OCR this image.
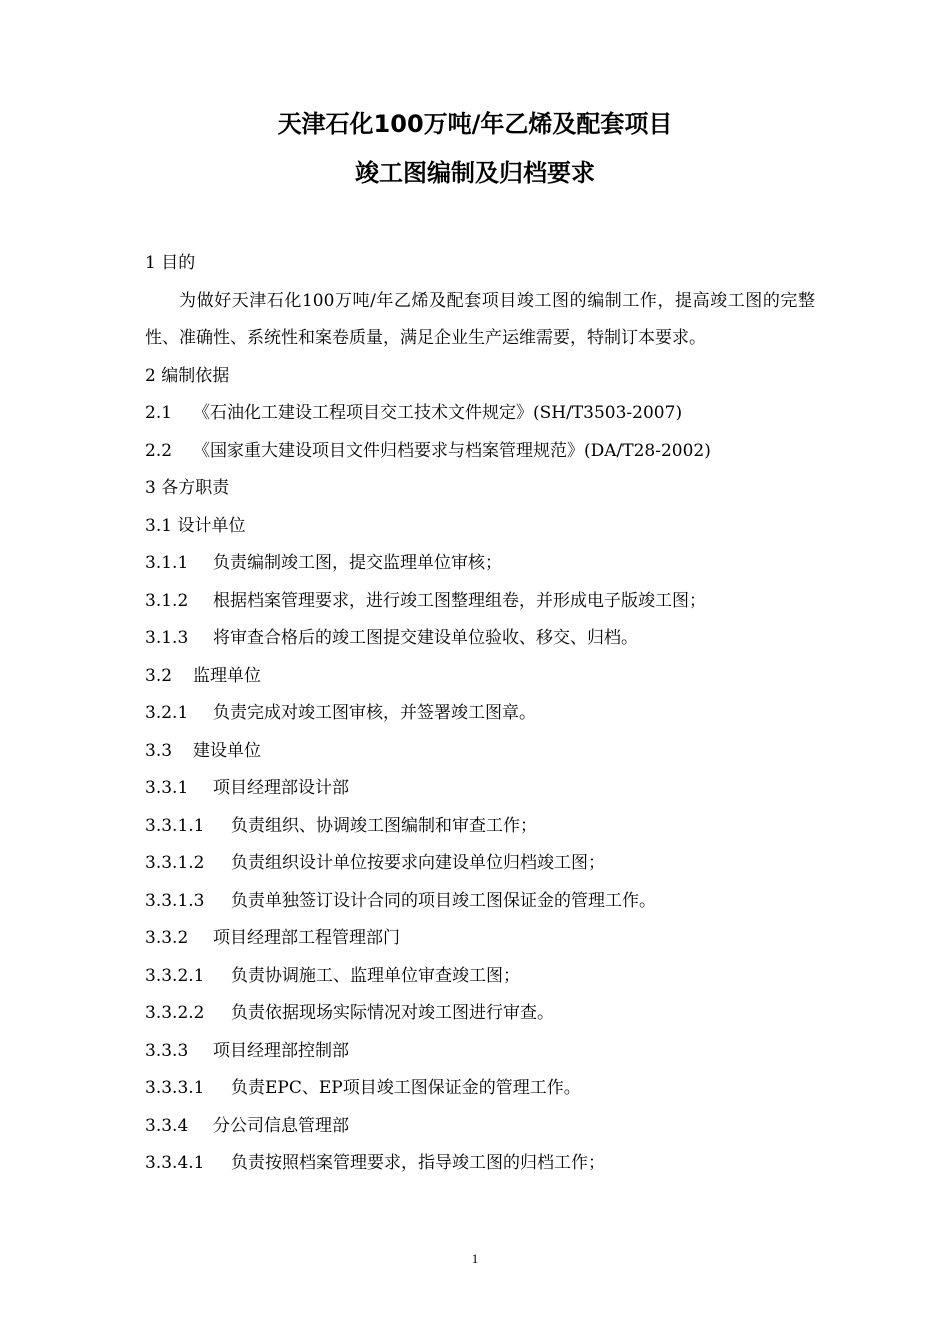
天津石化100万吨/年乙烯及配套项目
竣工图编制及归档要求
1 目的
为做好天津石化100万吨/年乙烯及配套项目竣工图的编制工作，提高竣工图的完整性、准确性、系统性和案卷质量，满足企业生产运维需要，特制订本要求。
2 编制依据
2.1 《石油化工建设工程项目交工技术文件规定》(SH/T3503-2007)
2.2 《国家重大建设项目文件归档要求与档案管理规范》(DA/T28-2002)
3 各方职责
3.1 设计单位
3.1.1 负责编制竣工图，提交监理单位审核；
3.1.2 根据档案管理要求，进行竣工图整理组卷，并形成电子版竣工图；
3.1.3 将审查合格后的竣工图提交建设单位验收、移交、归档。
3.2 监理单位
3.2.1 负责完成对竣工图审核，并签署竣工图章。
3.3 建设单位
3.3.1 项目经理部设计部
3.3.1.1 负责组织、协调竣工图编制和审查工作；
3.3.1.2 负责组织设计单位按要求向建设单位归档竣工图；
3.3.1.3 负责单独签订设计合同的项目竣工图保证金的管理工作。
3.3.2 项目经理部工程管理部门
3.3.2.1 负责协调施工、监理单位审查竣工图；
3.3.2.2 负责依据现场实际情况对竣工图进行审查。
3.3.3 项目经理部控制部
3.3.3.1 负责EPC、EP项目竣工图保证金的管理工作。
3.3.4 分公司信息管理部
3.3.4.1 负责按照档案管理要求，指导竣工图的归档工作；
1
